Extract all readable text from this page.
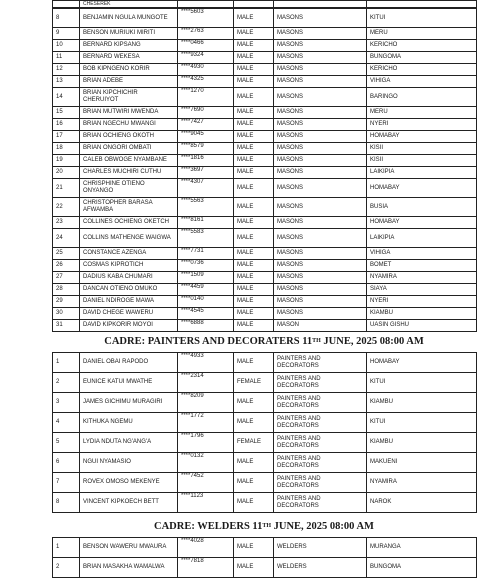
	CHESEREK				
8	BENJAMIN NGULA MUNGOTE	****5603	MALE	MASONS	KITUI
9	BENSON MURIUKI MIRITI	****2763	MALE	MASONS	MERU
10	BERNARD KIPSANG	****0466	MALE	MASONS	KERICHO
11	BERNARD WEKESA	****9324	MALE	MASONS	BUNGOMA
12	BOB KIPNGENO KORIR	****4930	MALE	MASONS	KERICHO
13	BRIAN ADEBE	****4325	MALE	MASONS	VIHIGA
14	BRIAN KIPCHICHIR CHERUIYOT	****1270	MALE	MASONS	BARINGO
15	BRIAN MUTWIRI MWENDA	****7690	MALE	MASONS	MERU
16	BRIAN NGECHU MWANGI	****7427	MALE	MASONS	NYERI
17	BRIAN OCHIENG OKOTH	****9045	MALE	MASONS	HOMABAY
18	BRIAN ONGORI OMBATI	****8579	MALE	MASONS	KISII
19	CALEB OBWOGE NYAMBANE	****1816	MALE	MASONS	KISII
20	CHARLES MUCHIRI CUTHU	****3697	MALE	MASONS	LAIKIPIA
21	CHRISPHINE OTIENO ONYANGO	****4307	MALE	MASONS	HOMABAY
22	CHRISTOPHER BARASA AFWAMBA	****5563	MALE	MASONS	BUSIA
23	COLLINES OCHIENG OKETCH	****8161	MALE	MASONS	HOMABAY
24	COLLINS MATHENGE WAIGWA	****5583	MALE	MASONS	LAIKIPIA
25	CONSTANCE AZENGA	****7731	MALE	MASONS	VIHIGA
26	COSMAS KIPROTICH	****0736	MALE	MASONS	BOMET
27	DADIUS KABA CHUMARI	****1509	MALE	MASONS	NYAMIRA
28	DANCAN OTIENO OMUKO	****4459	MALE	MASONS	SIAYA
29	DANIEL NDIROGE MAWA	****0140	MALE	MASONS	NYERI
30	DAVID CHEGE WAWERU	****4545	MALE	MASONS	KIAMBU
31	DAVID KIPKORIR MOYOI	****6888	MALE	MASON	UASIN GISHU
CADRE: PAINTERS AND DECORATERS 11TH JUNE, 2025 08:00 AM
1	DANIEL OBAI RAPODO	****4933	MALE	PAINTERS AND DECORATORS	HOMABAY
2	EUNICE KATUI MWATHE	****2314	FEMALE	PAINTERS AND DECORATORS	KITUI
3	JAMES GICHIMU MURAGIRI	****8209	MALE	PAINTERS AND DECORATORS	KIAMBU
4	KITHUKA NGEMU	****1772	MALE	PAINTERS AND DECORATORS	KITUI
5	LYDIA NDUTA NG'ANG'A	****1796	FEMALE	PAINTERS AND DECORATORS	KIAMBU
6	NGUI NYAMASIO	****0132	MALE	PAINTERS AND DECORATORS	MAKUENI
7	ROVEX OMOSO MEKENYE	****7452	MALE	PAINTERS AND DECORATORS	NYAMIRA
8	VINCENT KIPKOECH BETT	****1123	MALE	PAINTERS AND DECORATORS	NAROK
CADRE: WELDERS 11TH JUNE, 2025 08:00 AM
1	BENSON WAWERU MWAURA	****4028	MALE	WELDERS	MURANGA
2	BRIAN MASAKHA WAMALWA	****7818	MALE	WELDERS	BUNGOMA
